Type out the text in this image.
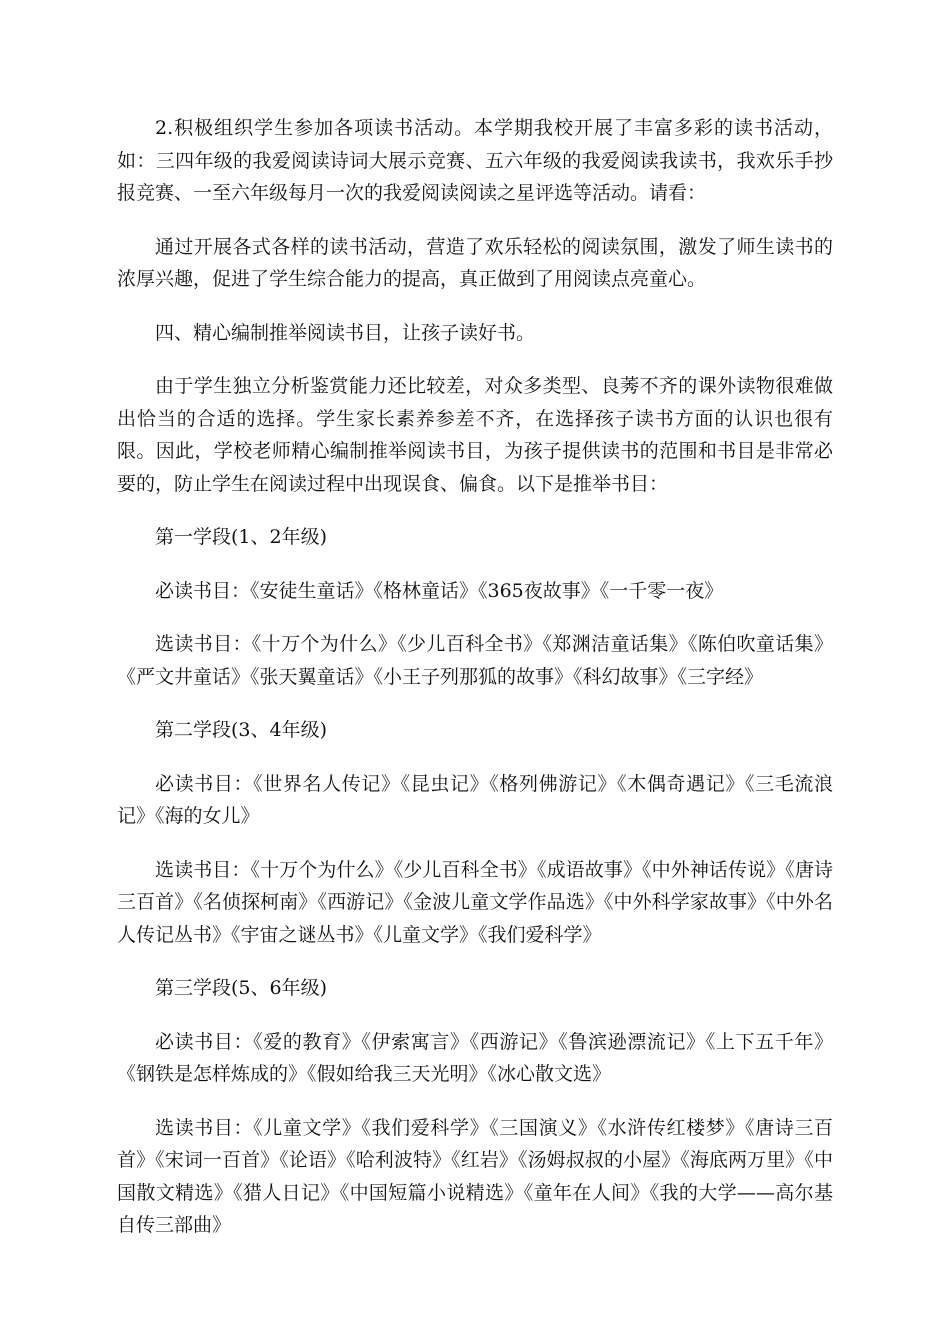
2.积极组织学生参加各项读书活动。本学期我校开展了丰富多彩的读书活动，如：三四年级的我爱阅读诗词大展示竞赛、五六年级的我爱阅读我读书，我欢乐手抄报竞赛、一至六年级每月一次的我爱阅读阅读之星评选等活动。请看：

通过开展各式各样的读书活动，营造了欢乐轻松的阅读氛围，激发了师生读书的浓厚兴趣，促进了学生综合能力的提高，真正做到了用阅读点亮童心。

四、精心编制推举阅读书目，让孩子读好书。

由于学生独立分析鉴赏能力还比较差，对众多类型、良莠不齐的课外读物很难做出恰当的合适的选择。学生家长素养参差不齐，在选择孩子读书方面的认识也很有限。因此，学校老师精心编制推举阅读书目，为孩子提供读书的范围和书目是非常必要的，防止学生在阅读过程中出现误食、偏食。以下是推举书目：

第一学段(1、2年级)

必读书目：《安徒生童话》《格林童话》《365夜故事》《一千零一夜》

选读书目：《十万个为什么》《少儿百科全书》《郑渊洁童话集》《陈伯吹童话集》《严文井童话》《张天翼童话》《小王子列那狐的故事》《科幻故事》《三字经》

第二学段(3、4年级)

必读书目：《世界名人传记》《昆虫记》《格列佛游记》《木偶奇遇记》《三毛流浪记》《海的女儿》

选读书目：《十万个为什么》《少儿百科全书》《成语故事》《中外神话传说》《唐诗三百首》《名侦探柯南》《西游记》《金波儿童文学作品选》《中外科学家故事》《中外名人传记丛书》《宇宙之谜丛书》《儿童文学》《我们爱科学》

第三学段(5、6年级)

必读书目：《爱的教育》《伊索寓言》《西游记》《鲁滨逊漂流记》《上下五千年》《钢铁是怎样炼成的》《假如给我三天光明》《冰心散文选》

选读书目：《儿童文学》《我们爱科学》《三国演义》《水浒传红楼梦》《唐诗三百首》《宋词一百首》《论语》《哈利波特》《红岩》《汤姆叔叔的小屋》《海底两万里》《中国散文精选》《猎人日记》《中国短篇小说精选》《童年在人间》《我的大学——高尔基自传三部曲》
